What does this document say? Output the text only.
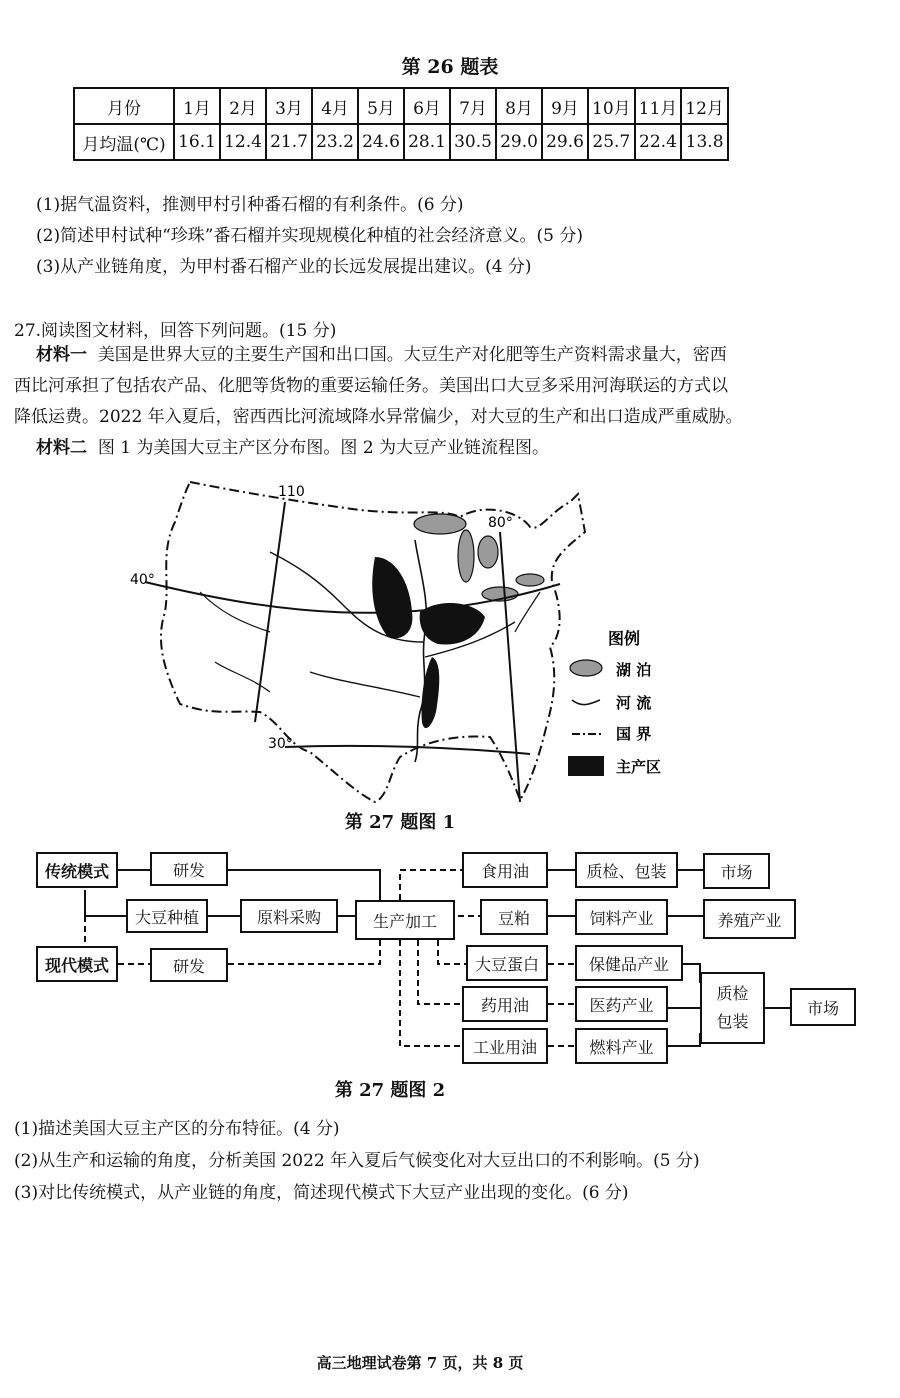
第 26 题表
月份	1月	2月	3月	4月	5月	6月	7月	8月	9月	10月	11月	12月
月均温(℃)	16.1	12.4	21.7	23.2	24.6	28.1	30.5	29.0	29.6	25.7	22.4	13.8
(1)据气温资料，推测甲村引种番石榴的有利条件。(6 分)
(2)简述甲村试种“珍珠”番石榴并实现规模化种植的社会经济意义。(5 分)
(3)从产业链角度，为甲村番石榴产业的长远发展提出建议。(4 分)
27.阅读图文材料，回答下列问题。(15 分)
材料一 美国是世界大豆的主要生产国和出口国。大豆生产对化肥等生产资料需求量大，密西
西比河承担了包括农产品、化肥等货物的重要运输任务。美国出口大豆多采用河海联运的方式以
降低运费。2022 年入夏后，密西西比河流域降水异常偏少，对大豆的生产和出口造成严重威胁。
材料二 图 1 为美国大豆主产区分布图。图 2 为大豆产业链流程图。
110
80°
40°
30°
图例
湖 泊
河 流
国 界
主产区
第 27 题图 1
传统模式
现代模式
研发
研发
大豆种植	原料采购	生产加工
食用油
豆粕
大豆蛋白
药用油
工业用油
质检、包装
饲料产业
保健品产业
医药产业
燃料产业
市场
养殖产业
质检
包装
市场
第 27 题图 2
(1)描述美国大豆主产区的分布特征。(4 分)
(2)从生产和运输的角度，分析美国 2022 年入夏后气候变化对大豆出口的不利影响。(5 分)
(3)对比传统模式，从产业链的角度，简述现代模式下大豆产业出现的变化。(6 分)
高三地理试卷第 7 页，共 8 页
